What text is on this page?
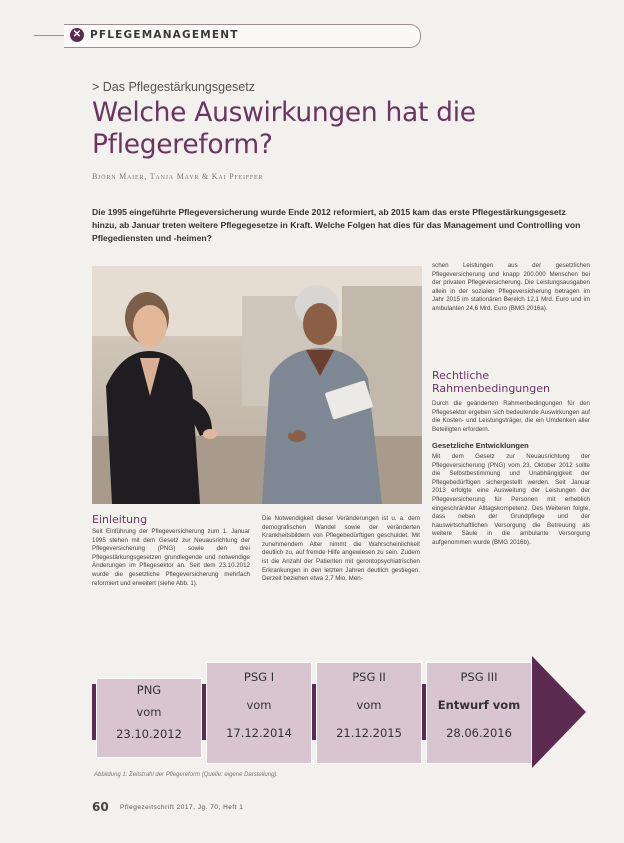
✕ PFLEGEMANAGEMENT
> Das Pflegestärkungsgesetz
Welche Auswirkungen hat die
Pflegereform?
Björn Maier, Tanja Mayr & Kai Pfeiffer
Die 1995 eingeführte Pflegeversicherung wurde Ende 2012 reformiert, ab 2015 kam das erste Pflegestärkungsgesetz hinzu, ab Januar treten weitere Pflegegesetze in Kraft. Welche Folgen hat dies für das Management und Controlling von Pflegediensten und -heimen?
Einleitung
Seit Einführung der Pflegeversicherung zum 1. Januar 1995 stehen mit dem Gesetz zur Neuausrichtung der Pflegeversicherung (PNG) sowie den drei Pflegestärkungsgesetzen grundlegende und notwendige Änderungen im Pflegesektor an. Seit dem 23.10.2012 wurde die gesetzliche Pflegeversicherung mehrfach reformiert und erweitert (siehe Abb. 1).
Die Notwendigkeit dieser Veränderungen ist u. a. dem demografischen Wandel sowie der veränderten Krankheitsbildern von Pflegebedürftigen geschuldet. Mit zunehmendem Alter nimmt die Wahrscheinlichkeit deutlich zu, auf fremde Hilfe angewiesen zu sein. Zudem ist die Anzahl der Patienten mit gerontopsychiatrischen Erkrankungen in den letzten Jahren deutlich gestiegen. Derzeit beziehen etwa 2,7 Mio. Men-
schen Leistungen aus der gesetzlichen Pflegeversicherung und knapp 200.000 Menschen bei der privaten Pflegeversicherung. Die Leistungsausgaben allein in der sozialen Pflegeversicherung betragen im Jahr 2015 im stationären Bereich 12,1 Mrd. Euro und im ambulanten 24,6 Mrd. Euro (BMG 2016a).
Rechtliche Rahmenbedingungen
Durch die geänderten Rahmenbedingungen für den Pflegesektor ergeben sich bedeutende Auswirkungen auf die Kosten- und Leistungsträger, die ein Umdenken aller Beteiligten erfordern.
Gesetzliche Entwicklungen
Mit dem Gesetz zur Neuausrichtung der Pflegeversicherung (PNG) vom 23. Oktober 2012 sollte die Selbstbestimmung und Unabhängigkeit der Pflegebedürftigen sichergestellt werden. Seit Januar 2013 erfolgte eine Ausweitung der Leistungen der Pflegeversicherung für Personen mit erheblich eingeschränkter Alltagskompetenz. Des Weiteren folgte, dass neben der Grundpflege und der hauswirtschaftlichen Versorgung die Betreuung als weitere Säule in die ambulante Versorgung aufgenommen wurde (BMG 2016b).
PNG
vom
23.10.2012
PSG I
vom
17.12.2014
PSG II
vom
21.12.2015
PSG III
Entwurf vom
28.06.2016
Abbildung 1: Zeitstrahl der Pflegereform (Quelle: eigene Darstellung).
60 Pflegezeitschrift 2017, Jg. 70, Heft 1
